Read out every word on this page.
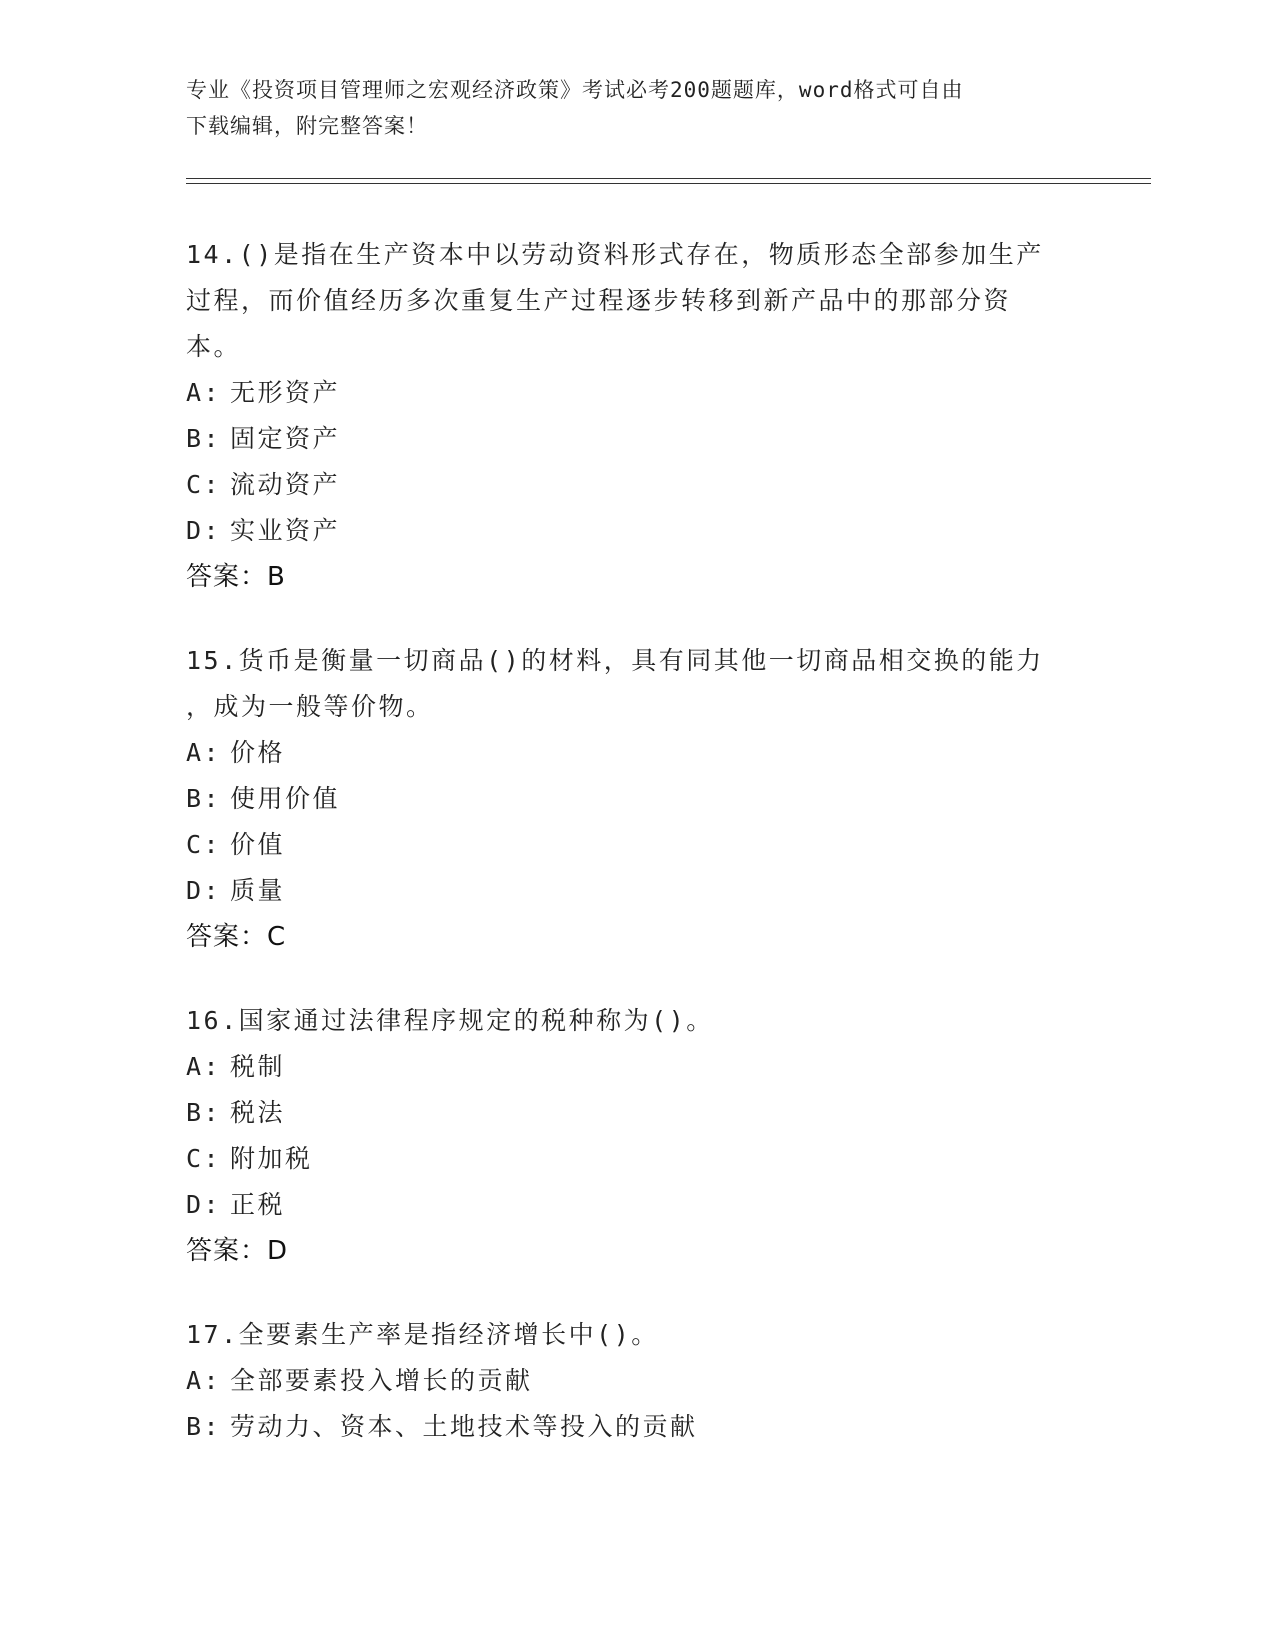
专业《投资项目管理师之宏观经济政策》考试必考200题题库，word格式可自由
下载编辑，附完整答案！
14.()是指在生产资本中以劳动资料形式存在，物质形态全部参加生产
过程，而价值经历多次重复生产过程逐步转移到新产品中的那部分资
本。
A: 无形资产
B: 固定资产
C: 流动资产
D: 实业资产
答案：B
15.货币是衡量一切商品()的材料，具有同其他一切商品相交换的能力
，成为一般等价物。
A: 价格
B: 使用价值
C: 价值
D: 质量
答案：C
16.国家通过法律程序规定的税种称为()。
A: 税制
B: 税法
C: 附加税
D: 正税
答案：D
17.全要素生产率是指经济增长中()。
A: 全部要素投入增长的贡献
B: 劳动力、资本、土地技术等投入的贡献
